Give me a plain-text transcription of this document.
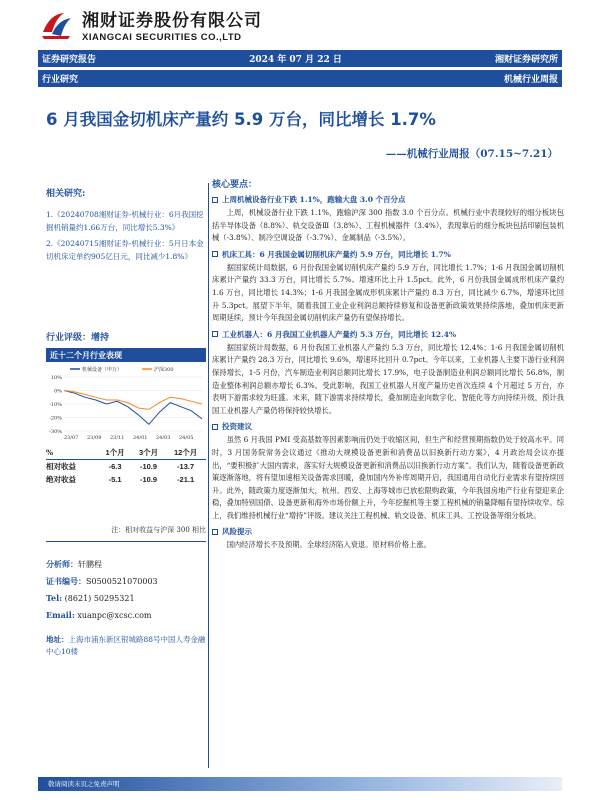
湘财证券股份有限公司
XIANGCAI SECURITIES CO.,LTD
证券研究报告	2024 年 07 月 22 日	湘财证券研究所
行业研究	机械行业周报
6 月我国金切机床产量约 5.9 万台，同比增长 1.7%
——机械行业周报（07.15~7.21）
相关研究:
1.《20240708湘财证券-机械行业：6月我国挖掘机销量约1.66万台，同比增长5.3%》
2.《20240715湘财证券-机械行业：5月日本金切机床定单约905亿日元，同比减少1.8%》
行业评级：增持
近十二个月行业表现
机械设备（申万）	沪深300
10%
0%
-10%
-20%
-30%
23/07 23/09 23/11 24/01 24/03 24/05
%	1个月	3个月	12个月
相对收益	-6.3	-10.9	-13.7
绝对收益	-5.1	-10.9	-21.1
注：相对收益与沪深 300 相比
分析师：轩鹏程
证书编号：S0500521070003
Tel: (8621) 50295321
Email: xuanpc@xcsc.com
地址：上海市浦东新区银城路88号中国人寿金融中心10楼
核心要点：
上周机械设备行业下跌 1.1%，跑输大盘 3.0 个百分点
上周，机械设备行业下跌 1.1%，跑输沪深 300 指数 3.0 个百分点。机械行业中表现较好的细分板块包括半导体设备（8.8%）、轨交设备Ⅲ（3.8%）、工程机械器件（3.4%），表现靠后的细分板块包括印刷包装机械（-3.8%）、制冷空调设备（-3.7%）、金属制品（-3.5%）。
机床工具：6 月我国金属切削机床产量约 5.9 万台，同比增长 1.7%
据国家统计局数据，6 月份我国金属切削机床产量约 5.9 万台，同比增长 1.7%；1-6 月我国金属切削机床累计产量约 33.3 万台，同比增长 5.7%。增速环比上升 1.5pct。此外，6 月份我国金属成形机床产量约 1.6 万台，同比增长 14.3%；1-6 月我国金属成形机床累计产量约 8.3 万台，同比减少 6.7%，增速环比回升 5.3pct。展望下半年，随着我国工业企业利润总额持续修复和设备更新政策效果持续落地，叠加机床更新周期延续，预计今年我国金属切削机床产量仍有望保持增长。
工业机器人：6 月我国工业机器人产量约 5.3 万台，同比增长 12.4%
据国家统计局数据，6 月份我国工业机器人产量约 5.3 万台，同比增长 12.4%；1-6 月我国金属切削机床累计产量约 28.3 万台，同比增长 9.6%，增速环比回升 0.7pct。今年以来，工业机器人主要下游行业利润保持增长，1-5 月份，汽车制造业利润总额同比增长 17.9%，电子设备制造业利润总额同比增长 56.8%，制造业整体利润总额亦增长 6.3%。受此影响，我国工业机器人月度产量历史首次连续 4 个月超过 5 万台，亦表明下游需求较为旺盛。未来，随下游需求持续增长，叠加制造业向数字化、智能化等方向持续升级，预计我国工业机器人产量仍将保持较快增长。
投资建议
虽然 6 月我国 PMI 受高基数等因素影响而仍处于收缩区间，但生产和经营预期指数仍处于较高水平。同时，3 月国务院常务会议通过《推动大规模设备更新和消费品以旧换新行动方案》，4 月政治局会议亦提出，“要积极扩大国内需求，落实好大规模设备更新和消费品以旧换新行动方案”。我们认为，随着设备更新政策逐渐落地，将有望加速相关设备需求回暖，叠加国内外补库周期开启，我国通用自动化行业需求有望持续回升。此外，随政策力度逐渐加大，杭州、西安、上海等城市已放松限购政策，今年我国房地产行业有望迎来企稳，叠加特别国债、设备更新和海外市场份额上升，今年挖掘机等主要工程机械的销量降幅有望持续收窄。综上，我们维持机械行业“增持”评级。建议关注工程机械、轨交设备、机床工具、工控设备等细分板块。
风险提示
国内经济增长不及预期。全球经济陷入衰退。原材料价格上涨。
敬请阅读末页之免责声明
